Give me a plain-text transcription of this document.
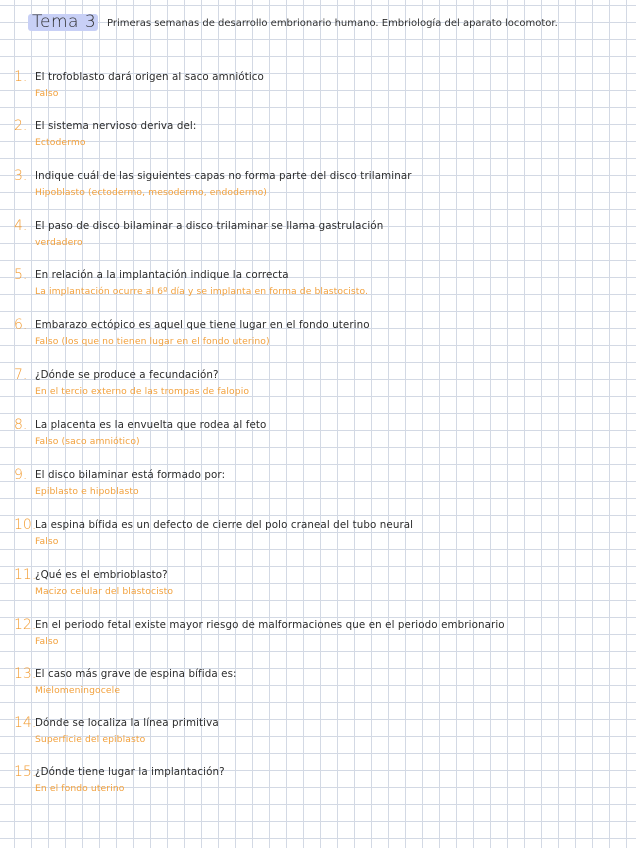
Tema 3 Primeras semanas de desarrollo embrionario humano. Embriología del aparato locomotor.
1. El trofoblasto dará origen al saco amniótico
Falso
2. El sistema nervioso deriva del:
Ectodermo
3. Indique cuál de las siguientes capas no forma parte del disco trilaminar
Hipoblasto (ectodermo, mesodermo, endodermo)
4. El paso de disco bilaminar a disco trilaminar se llama gastrulación
verdadero
5. En relación a la implantación indique la correcta
La implantación ocurre al 6º día y se implanta en forma de blastocisto.
6. Embarazo ectópico es aquel que tiene lugar en el fondo uterino
Falso (los que no tienen lugar en el fondo uterino)
7. ¿Dónde se produce a fecundación?
En el tercio externo de las trompas de falopio
8. La placenta es la envuelta que rodea al feto
Falso (saco amniótico)
9. El disco bilaminar está formado por:
Epiblasto e hipoblasto
10.
La espina bífida es un defecto de cierre del polo craneal del tubo neural
Falso
11.
¿Qué es el embrioblasto?
Macizo celular del blastocisto
12.
En el periodo fetal existe mayor riesgo de malformaciones que en el periodo embrionario
Falso
13.
El caso más grave de espina bífida es:
Mielomeningocele
14.
Dónde se localiza la línea primitiva
Superficie del epiblasto
15.
¿Dónde tiene lugar la implantación?
En el fondo uterino
